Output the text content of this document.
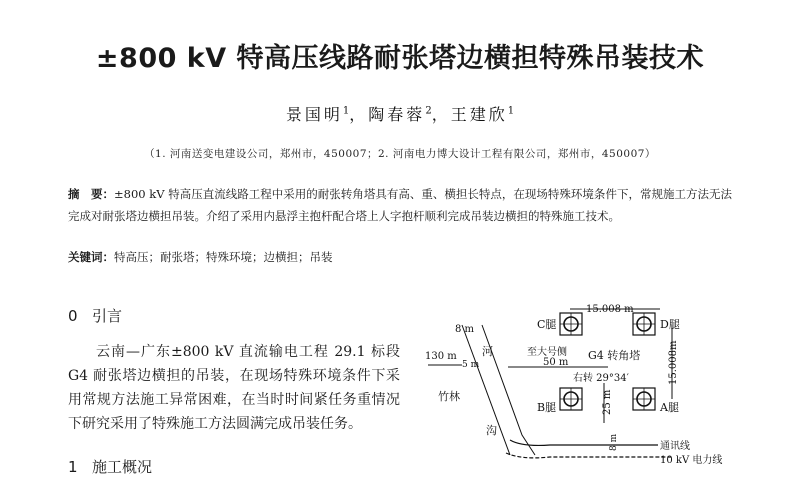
±800 kV 特高压线路耐张塔边横担特殊吊装技术
景国明$^1$，陶春蓉$^2$，王建欣$^1$
（1. 河南送变电建设公司，郑州市，450007；2. 河南电力博大设计工程有限公司，郑州市，450007）
摘　要：±800 kV 特高压直流线路工程中采用的耐张转角塔具有高、重、横担长特点，在现场特殊环境条件下，常规施工方法无法完成对耐张塔边横担吊装。介绍了采用内悬浮主抱杆配合塔上人字抱杆顺利完成吊装边横担的特殊施工技术。
关键词：特高压；耐张塔；特殊环境；边横担；吊装
0 引言
云南—广东±800 kV 直流输电工程 29.1 标段 G4 耐张塔边横担的吊装，在现场特殊环境条件下采用常规方法施工异常困难，在当时时间紧任务重情况下研究采用了特殊施工方法圆满完成吊装任务。
1 施工概况
15.008 m
C腿	D腿
B腿	A腿
15.008m
至大号侧 G4 转角塔
50 m
右转 29°34′
25 m
8 m
8 m
河
130 m
5 m
竹林
沟
通讯线
10 kV 电力线
